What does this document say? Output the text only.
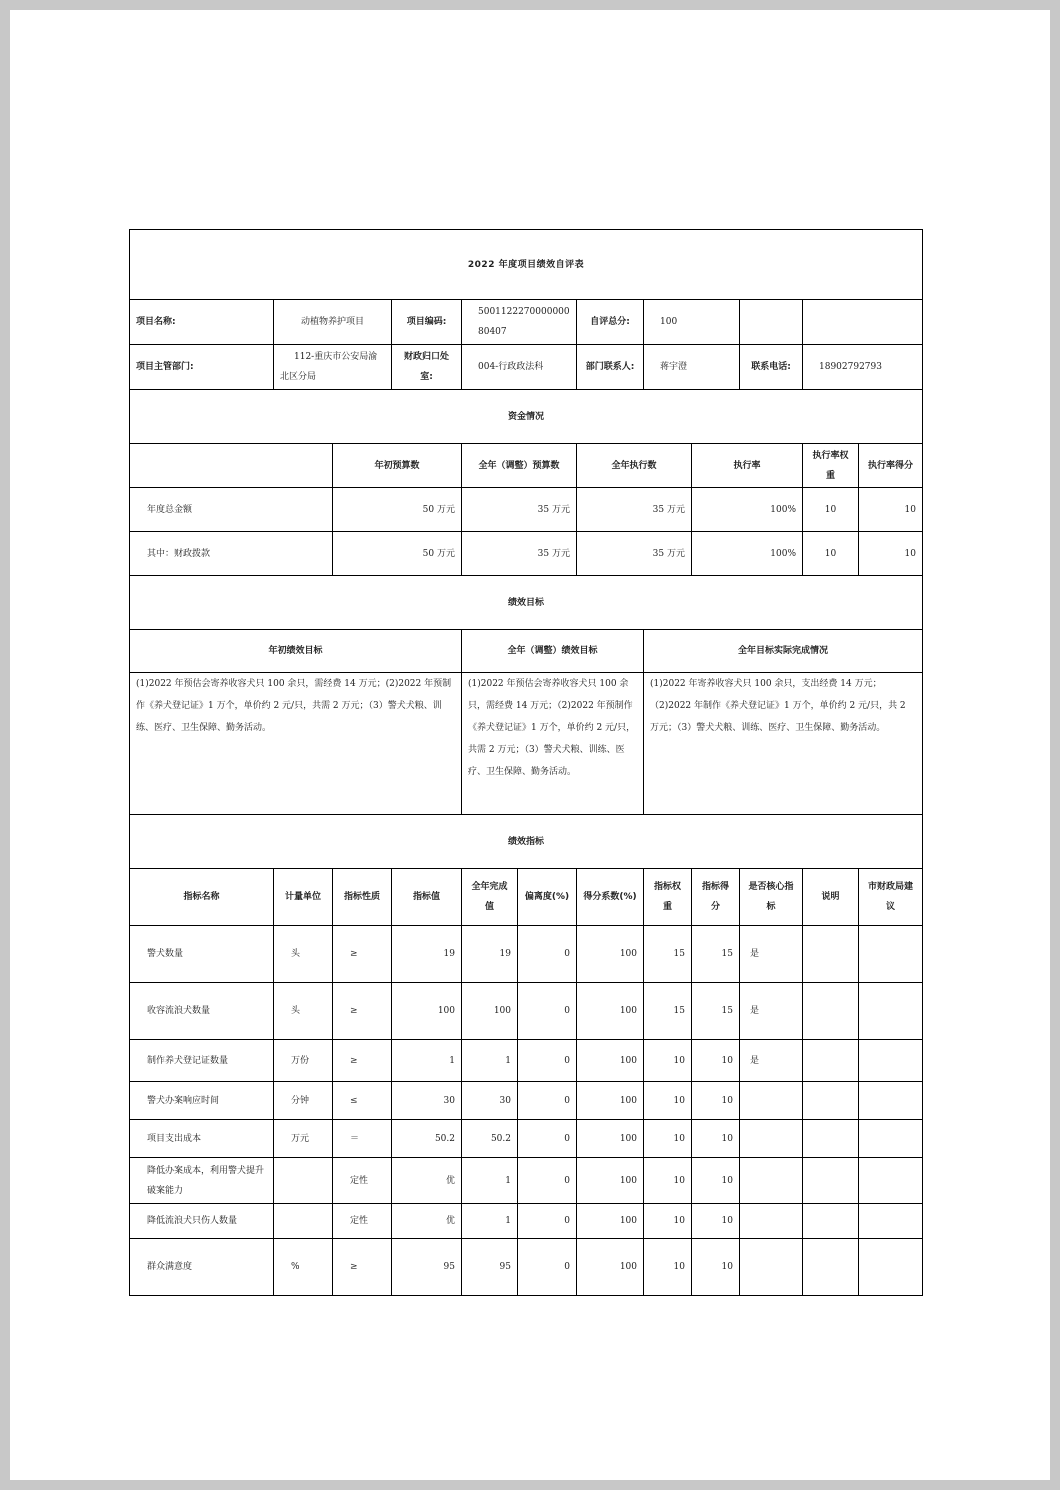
2022 年度项目绩效自评表											
项目名称:	动植物养护项目		项目编码:	500112227000000080407		自评总分:	100				
项目主管部门:	112-重庆市公安局渝北区分局		财政归口处室:	004-行政政法科		部门联系人:	蒋宇澄		联系电话:	18902792793	
资金情况											
		年初预算数		全年（调整）预算数		全年执行数		执行率		执行率权重	执行率得分
年度总金额		50 万元		35 万元		35 万元		100%		10	10
其中：财政拨款		50 万元		35 万元		35 万元		100%		10	10
绩效目标											
年初绩效目标				全年（调整）绩效目标			全年目标实际完成情况				
(1)2022 年预估会寄养收容犬只 100 余只，需经费 14 万元；(2)2022 年预制作《养犬登记证》1 万个，单价约 2 元/只，共需 2 万元；（3）警犬犬粮、训练、医疗、卫生保障、勤务活动。				(1)2022 年预估会寄养收容犬只 100 余只，需经费 14 万元；（2)2022 年预制作《养犬登记证》1 万个，单价约 2 元/只，共需 2 万元；（3）警犬犬粮、训练、医疗、卫生保障、勤务活动。			(1)2022 年寄养收容犬只 100 余只，支出经费 14 万元；（2)2022 年制作《养犬登记证》1 万个，单价约 2 元/只，共 2 万元；（3）警犬犬粮、训练、医疗、卫生保障、勤务活动。				
绩效指标											
指标名称	计量单位	指标性质	指标值	全年完成值	偏离度(%)	得分系数(%)	指标权重	指标得分	是否核心指标	说明	市财政局建议
警犬数量	头	≥	19	19	0	100	15	15	是		
收容流浪犬数量	头	≥	100	100	0	100	15	15	是		
制作养犬登记证数量	万份	≥	1	1	0	100	10	10	是		
警犬办案响应时间	分钟	≤	30	30	0	100	10	10			
项目支出成本	万元	＝	50.2	50.2	0	100	10	10			
降低办案成本，利用警犬提升破案能力		定性	优	1	0	100	10	10			
降低流浪犬只伤人数量		定性	优	1	0	100	10	10			
群众满意度	%	≥	95	95	0	100	10	10			
